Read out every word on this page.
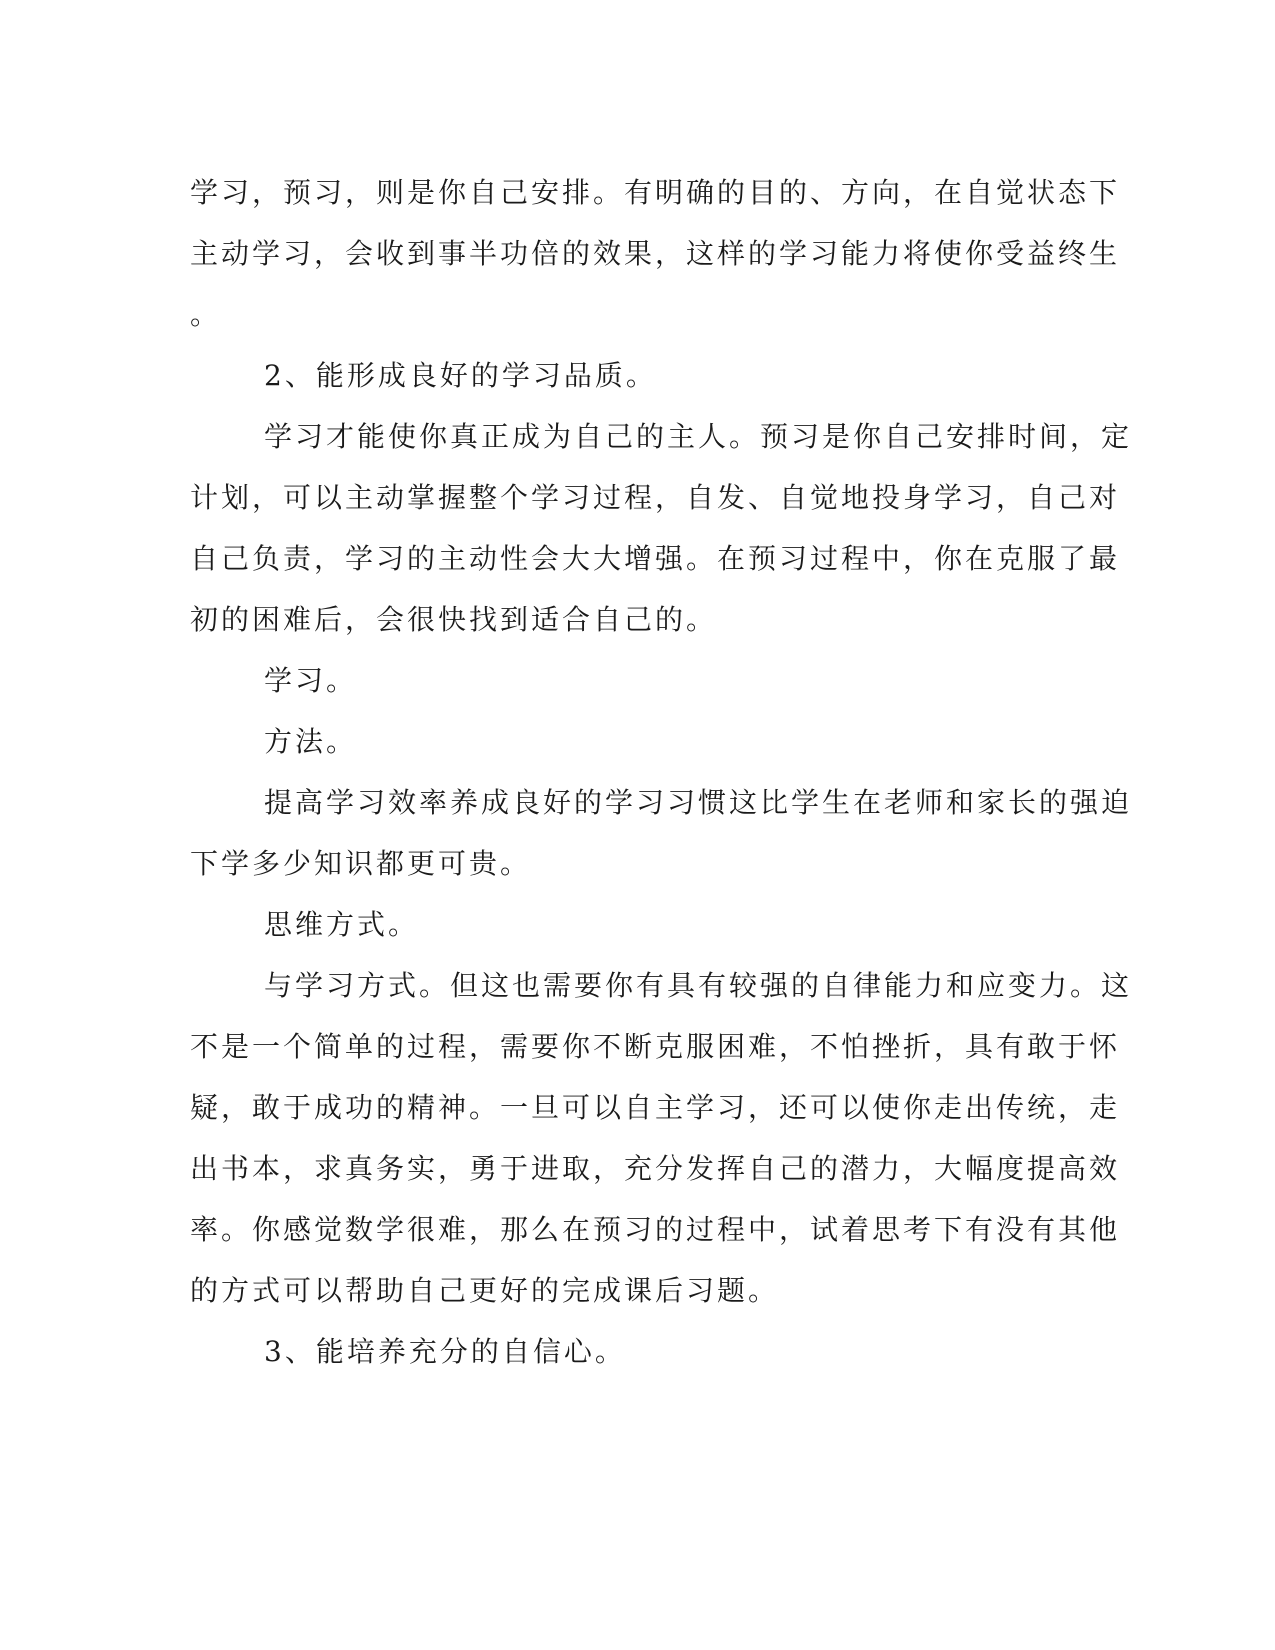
学习，预习，则是你自己安排。有明确的目的、方向，在自觉状态下
主动学习，会收到事半功倍的效果，这样的学习能力将使你受益终生
。
2、能形成良好的学习品质。
学习才能使你真正成为自己的主人。预习是你自己安排时间，定
计划，可以主动掌握整个学习过程，自发、自觉地投身学习，自己对
自己负责，学习的主动性会大大增强。在预习过程中，你在克服了最
初的困难后，会很快找到适合自己的。
学习。
方法。
提高学习效率养成良好的学习习惯这比学生在老师和家长的强迫
下学多少知识都更可贵。
思维方式。
与学习方式。但这也需要你有具有较强的自律能力和应变力。这
不是一个简单的过程，需要你不断克服困难，不怕挫折，具有敢于怀
疑，敢于成功的精神。一旦可以自主学习，还可以使你走出传统，走
出书本，求真务实，勇于进取，充分发挥自己的潜力，大幅度提高效
率。你感觉数学很难，那么在预习的过程中，试着思考下有没有其他
的方式可以帮助自己更好的完成课后习题。
3、能培养充分的自信心。
